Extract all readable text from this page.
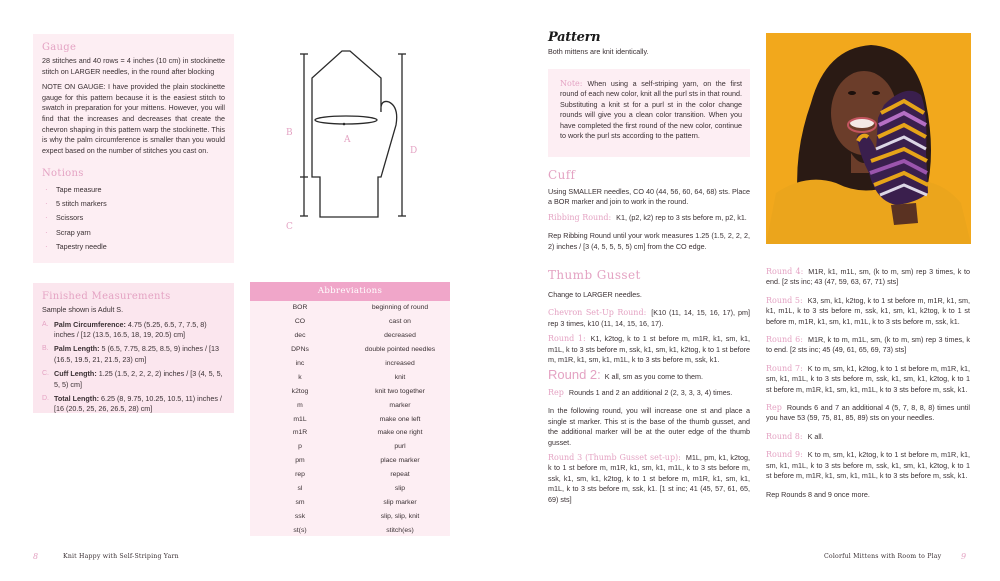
Gauge

28 stitches and 40 rows = 4 inches (10 cm) in stockinette stitch on LARGER needles, in the round after blocking

NOTE ON GAUGE: I have provided the plain stockinette gauge for this pattern because it is the easiest stitch to swatch in preparation for your mittens. However, you will find that the increases and decreases that create the chevron shaping in this pattern warp the stockinette. This is why the palm circumference is smaller than you would expect based on the number of stitches you cast on.

Notions
·	Tape measure
·	5 stitch markers
·	Scissors
·	Scrap yarn
·	Tapestry needle
Finished Measurements

Sample shown is Adult S.

A. Palm Circumference: 4.75 (5.25, 6.5, 7, 7.5, 8) inches / [12 (13.5, 16.5, 18, 19, 20.5) cm]
B. Palm Length: 5 (6.5, 7.75, 8.25, 8.5, 9) inches / [13 (16.5, 19.5, 21, 21.5, 23) cm]
C. Cuff Length: 1.25 (1.5, 2, 2, 2, 2) inches / [3 (4, 5, 5, 5, 5) cm]
D. Total Length: 6.25 (8, 9.75, 10.25, 10.5, 11) inches / [16 (20.5, 25, 26, 26.5, 28) cm]
A
B
C
D
Abbreviations
BOR	beginning of round
CO	cast on
dec	decreased
DPNs	double pointed needles
inc	increased
k	knit
k2tog	knit two together
m	marker
m1L	make one left
m1R	make one right
p	purl
pm	place marker
rep	repeat
sl	slip
sm	slip marker
ssk	slip, slip, knit
st(s)	stitch(es)
8	Knit Happy with Self-Striping Yarn
Pattern
Both mittens are knit identically.

Note: When using a self-striping yarn, on the first round of each new color, knit all the purl sts in that round. Substituting a knit st for a purl st in the color change rounds will give you a clean color transition. When you have completed the first round of the new color, continue to work the purl sts according to the pattern.

Cuff

Using SMALLER needles, CO 40 (44, 56, 60, 64, 68) sts. Place a BOR marker and join to work in the round.

Ribbing Round: K1, (p2, k2) rep to 3 sts before m, p2, k1.

Rep Ribbing Round until your work measures 1.25 (1.5, 2, 2, 2, 2) inches / [3 (4, 5, 5, 5, 5) cm] from the CO edge.

Thumb Gusset

Change to LARGER needles.

Chevron Set-Up Round: [K10 (11, 14, 15, 16, 17), pm] rep 3 times, k10 (11, 14, 15, 16, 17).

Round 1: K1, k2tog, k to 1 st before m, m1R, k1, sm, k1, m1L, k to 3 sts before m, ssk, k1, sm, k1, k2tog, k to 1 st before m, m1R, k1, sm, k1, m1L, k to 3 sts before m, ssk, k1.

Round 2: K all, sm as you come to them.

Rep Rounds 1 and 2 an additional 2 (2, 3, 3, 3, 4) times.

In the following round, you will increase one st and place a single st marker. This st is the base of the thumb gusset, and the additional marker will be at the outer edge of the thumb gusset.

Round 3 (Thumb Gusset set-up): M1L, pm, k1, k2tog, k to 1 st before m, m1R, k1, sm, k1, m1L, k to 3 sts before m, ssk, k1, sm, k1, k2tog, k to 1 st before m, m1R, k1, sm, k1, m1L, k to 3 sts before m, ssk, k1. [1 st inc; 41 (45, 57, 61, 65, 69) sts]

Round 4: M1R, k1, m1L, sm, (k to m, sm) rep 3 times, k to end. [2 sts inc; 43 (47, 59, 63, 67, 71) sts]

Round 5: K3, sm, k1, k2tog, k to 1 st before m, m1R, k1, sm, k1, m1L, k to 3 sts before m, ssk, k1, sm, k1, k2tog, k to 1 st before m, m1R, k1, sm, k1, m1L, k to 3 sts before m, ssk, k1.

Round 6: M1R, k to m, m1L, sm, (k to m, sm) rep 3 times, k to end. [2 sts inc; 45 (49, 61, 65, 69, 73) sts]

Round 7: K to m, sm, k1, k2tog, k to 1 st before m, m1R, k1, sm, k1, m1L, k to 3 sts before m, ssk, k1, sm, k1, k2tog, k to 1 st before m, m1R, k1, sm, k1, m1L, k to 3 sts before m, ssk, k1.

Rep Rounds 6 and 7 an additional 4 (5, 7, 8, 8, 8) times until you have 53 (59, 75, 81, 85, 89) sts on your needles.

Round 8: K all.

Round 9: K to m, sm, k1, k2tog, k to 1 st before m, m1R, k1, sm, k1, m1L, k to 3 sts before m, ssk, k1, sm, k1, k2tog, k to 1 st before m, m1R, k1, sm, k1, m1L, k to 3 sts before m, ssk, k1.

Rep Rounds 8 and 9 once more.

Colorful Mittens with Room to Play 9
